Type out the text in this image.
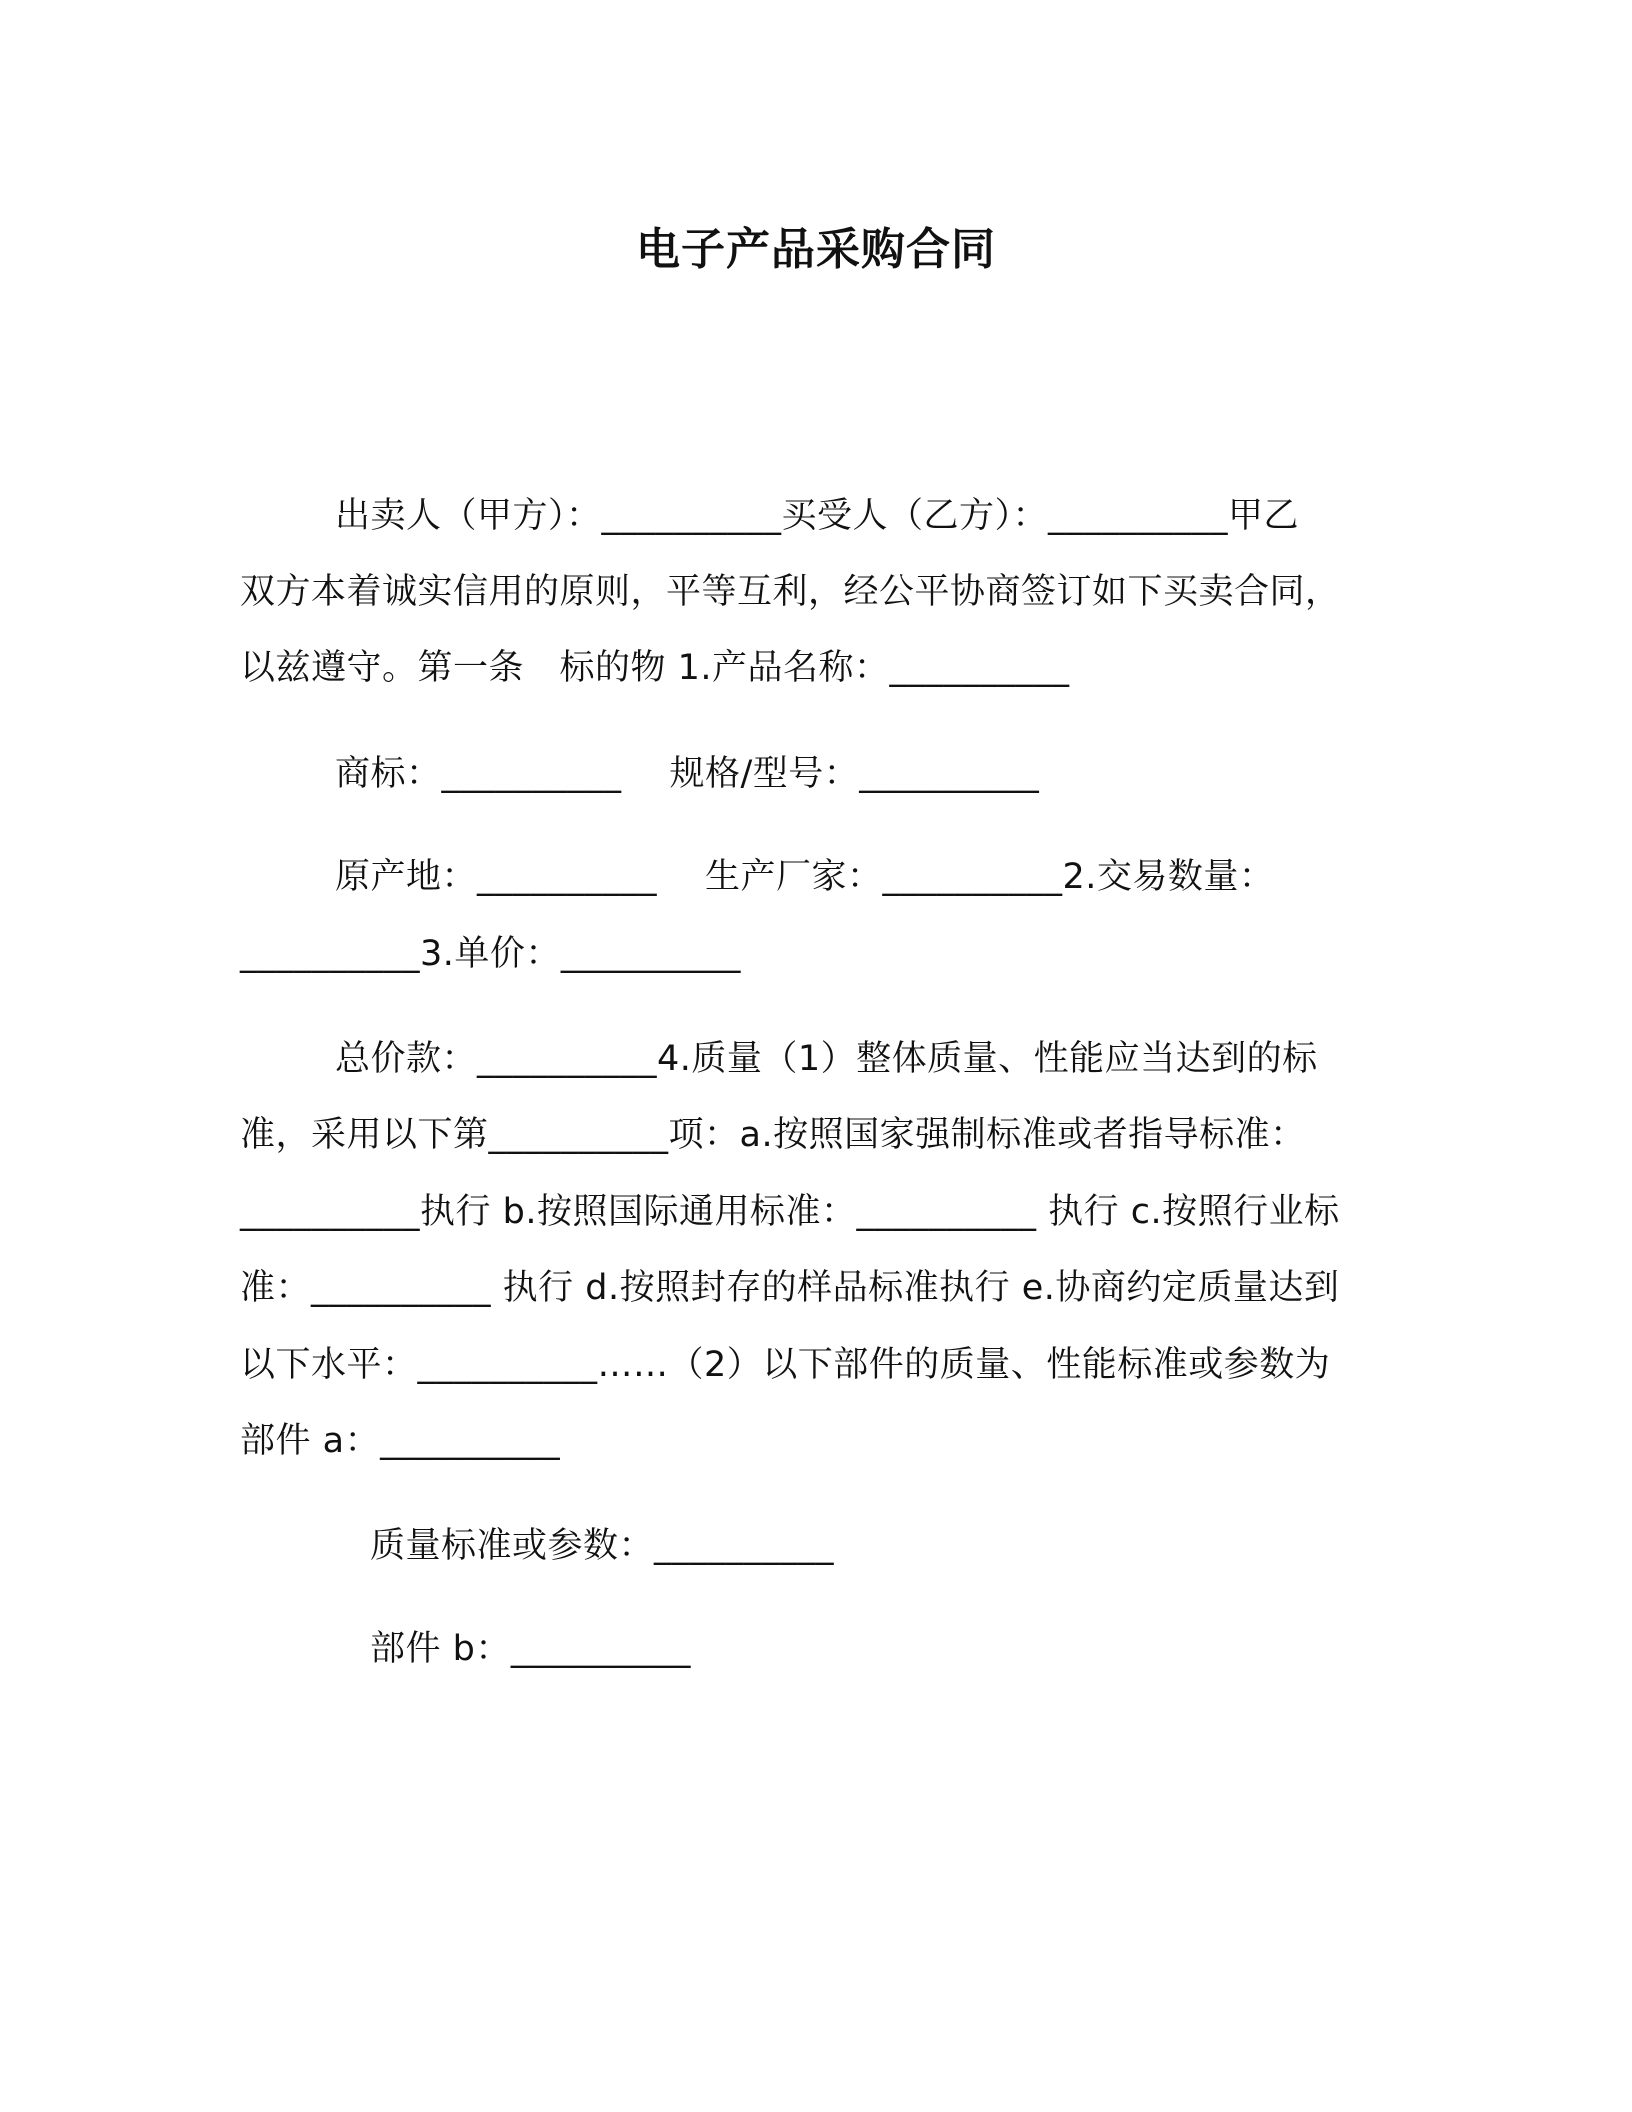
电子产品采购合同
出卖人（甲方）：__________买受人（乙方）：__________甲乙
双方本着诚实信用的原则，平等互利，经公平协商签订如下买卖合同，
以兹遵守。第一条　标的物 1.产品名称：__________
商标：__________ 规格/型号：__________
原产地：__________ 生产厂家：__________2.交易数量：
__________3.单价：__________
总价款：__________4.质量（1）整体质量、性能应当达到的标
准，采用以下第__________项：a.按照国家强制标准或者指导标准：
__________执行 b.按照国际通用标准：__________ 执行 c.按照行业标
准：__________ 执行 d.按照封存的样品标准执行 e.协商约定质量达到
以下水平：__________……（2）以下部件的质量、性能标准或参数为
部件 a：__________
质量标准或参数：__________
部件 b：__________
